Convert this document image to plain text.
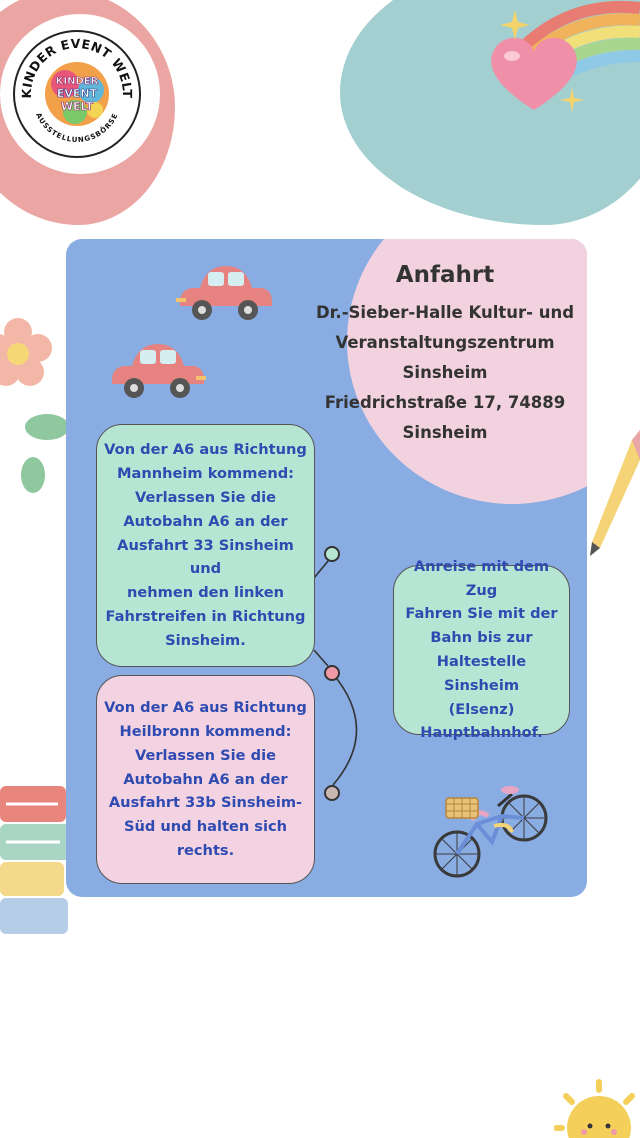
KINDER EVENT WELT
AUSSTELLUNGSBÖRSE
KINDER
EVENT
WELT
Anfahrt
Dr.-Sieber-Halle Kultur- und
Veranstaltungszentrum
Sinsheim
Friedrichstraße 17, 74889
Sinsheim
Von der A6 aus Richtung
Mannheim kommend:
Verlassen Sie die
Autobahn A6 an der
Ausfahrt 33 Sinsheim und
nehmen den linken
Fahrstreifen in Richtung
Sinsheim.
Von der A6 aus Richtung
Heilbronn kommend:
Verlassen Sie die
Autobahn A6 an der
Ausfahrt 33b Sinsheim-
Süd und halten sich
rechts.
Anreise mit dem Zug
Fahren Sie mit der
Bahn bis zur
Haltestelle Sinsheim
(Elsenz)
Hauptbahnhof.
